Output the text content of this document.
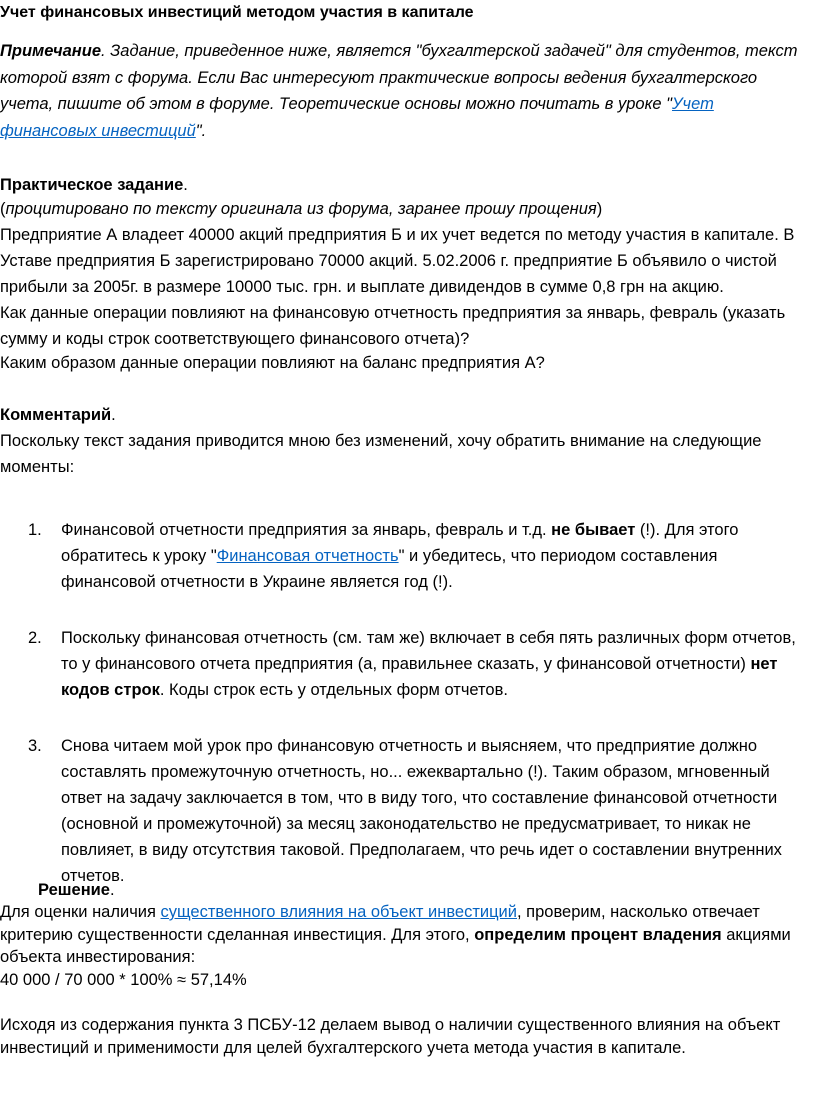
Учет финансовых инвестиций методом участия в капитале

Примечание. Задание, приведенное ниже, является "бухгалтерской задачей" для студентов, текст которой взят с форума. Если Вас интересуют практические вопросы ведения бухгалтерского учета, пишите об этом в форуме. Теоретические основы можно почитать в уроке "Учет финансовых инвестиций".

Практическое задание.

(процитировано по тексту оригинала из форума, заранее прошу прощения)

Предприятие А владеет 40000 акций предприятия Б и их учет ведется по методу участия в капитале. В Уставе предприятия Б зарегистрировано 70000 акций. 5.02.2006 г. предприятие Б объявило о чистой прибыли за 2005г. в размере 10000 тыс. грн. и выплате дивидендов в сумме 0,8 грн на акцию.

Как данные операции повлияют на финансовую отчетность предприятия за январь, февраль (указать сумму и коды строк соответствующего финансового отчета)?

Каким образом данные операции повлияют на баланс предприятия А?

Комментарий.

Поскольку текст задания приводится мною без изменений, хочу обратить внимание на следующие моменты:

1. Финансовой отчетности предприятия за январь, февраль и т.д. не бывает (!). Для этого обратитесь к уроку "Финансовая отчетность" и убедитесь, что периодом составления финансовой отчетности в Украине является год (!).
2. Поскольку финансовая отчетность (см. там же) включает в себя пять различных форм отчетов, то у финансового отчета предприятия (а, правильнее сказать, у финансовой отчетности) нет кодов строк. Коды строк есть у отдельных форм отчетов.
3. Снова читаем мой урок про финансовую отчетность и выясняем, что предприятие должно составлять промежуточную отчетность, но... ежеквартально (!). Таким образом, мгновенный ответ на задачу заключается в том, что в виду того, что составление финансовой отчетности (основной и промежуточной) за месяц законодательство не предусматривает, то никак не повлияет, в виду отсутствия таковой. Предполагаем, что речь идет о составлении внутренних отчетов.
Решение.

Для оценки наличия существенного влияния на объект инвестиций, проверим, насколько отвечает критерию существенности сделанная инвестиция. Для этого, определим процент владения акциями объекта инвестирования:
40 000 / 70 000 * 100% ≈ 57,14%

Исходя из содержания пункта 3 ПСБУ-12 делаем вывод о наличии существенного влияния на объект инвестиций и применимости для целей бухгалтерского учета метода участия в капитале.
